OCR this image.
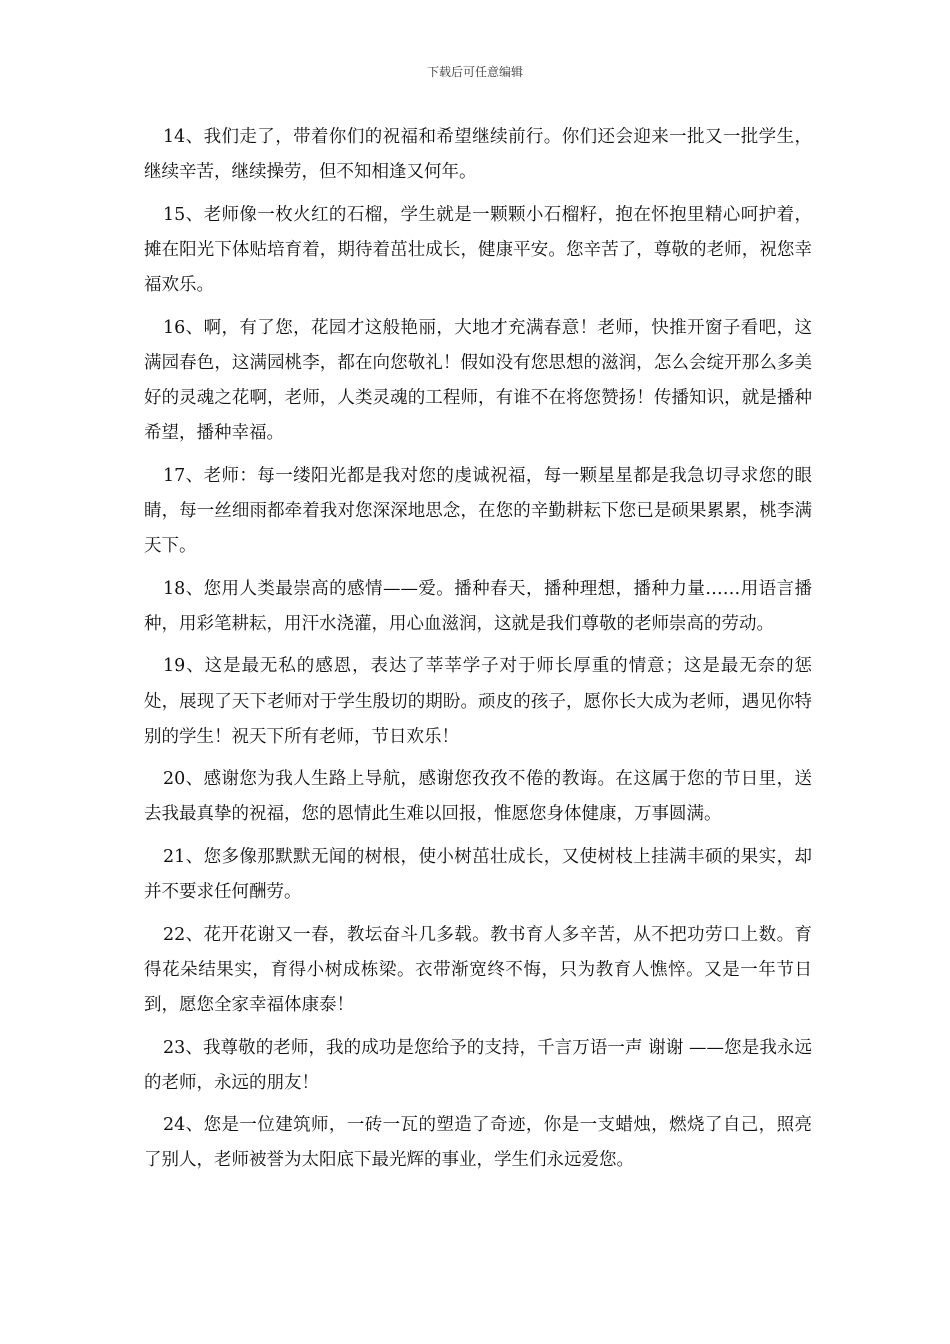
下载后可任意编辑

14、我们走了，带着你们的祝福和希望继续前行。你们还会迎来一批又一批学生，继续辛苦，继续操劳，但不知相逢又何年。

15、老师像一枚火红的石榴，学生就是一颗颗小石榴籽，抱在怀抱里精心呵护着，摊在阳光下体贴培育着，期待着茁壮成长，健康平安。您辛苦了，尊敬的老师，祝您幸福欢乐。

16、啊，有了您，花园才这般艳丽，大地才充满春意！老师，快推开窗子看吧，这满园春色，这满园桃李，都在向您敬礼！假如没有您思想的滋润，怎么会绽开那么多美好的灵魂之花啊，老师，人类灵魂的工程师，有谁不在将您赞扬！传播知识，就是播种希望，播种幸福。

17、老师：每一缕阳光都是我对您的虔诚祝福，每一颗星星都是我急切寻求您的眼睛，每一丝细雨都牵着我对您深深地思念，在您的辛勤耕耘下您已是硕果累累，桃李满天下。

18、您用人类最崇高的感情——爱。播种春天，播种理想，播种力量……用语言播种，用彩笔耕耘，用汗水浇灌，用心血滋润，这就是我们尊敬的老师崇高的劳动。

19、这是最无私的感恩，表达了莘莘学子对于师长厚重的情意；这是最无奈的惩处，展现了天下老师对于学生殷切的期盼。顽皮的孩子，愿你长大成为老师，遇见你特别的学生！祝天下所有老师，节日欢乐！

20、感谢您为我人生路上导航，感谢您孜孜不倦的教诲。在这属于您的节日里，送去我最真挚的祝福，您的恩情此生难以回报，惟愿您身体健康，万事圆满。

21、您多像那默默无闻的树根，使小树茁壮成长，又使树枝上挂满丰硕的果实，却并不要求任何酬劳。

22、花开花谢又一春，教坛奋斗几多载。教书育人多辛苦，从不把功劳口上数。育得花朵结果实，育得小树成栋梁。衣带渐宽终不悔，只为教育人憔悴。又是一年节日到，愿您全家幸福体康泰！

23、我尊敬的老师，我的成功是您给予的支持，千言万语一声 谢谢 ——您是我永远的老师，永远的朋友！

24、您是一位建筑师，一砖一瓦的塑造了奇迹，你是一支蜡烛，燃烧了自己，照亮了别人，老师被誉为太阳底下最光辉的事业，学生们永远爱您。
